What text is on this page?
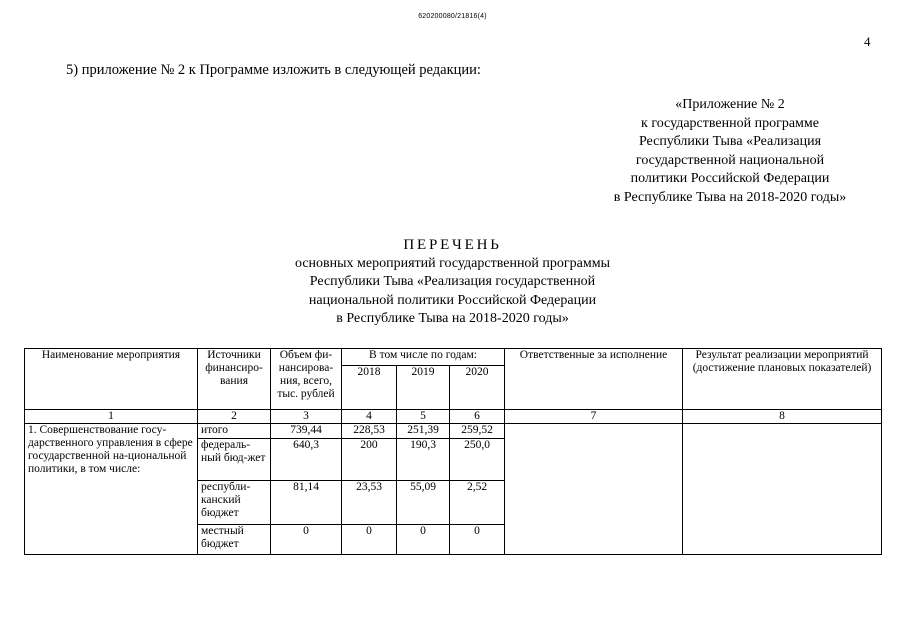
620200080/21816(4)
4
5) приложение № 2 к Программе изложить в следующей редакции:
«Приложение № 2
к государственной программе
Республики Тыва «Реализация
государственной национальной
политики Российской Федерации
в Республике Тыва на 2018-2020 годы»
ПЕРЕЧЕНЬ
основных мероприятий государственной программы
Республики Тыва «Реализация государственной
национальной политики Российской Федерации
в Республике Тыва на 2018-2020 годы»
Наименование мероприятия	Источники финансиро-вания	Объем фи-нансирова-ния, всего, тыс. рублей	В том числе по годам:			Ответственные за исполнение	Результат реализации мероприятий (достижение плановых показателей)
			2018	2019	2020		
1	2	3	4	5	6	7	8
1. Совершенствование госу-дарственного управления в сфере государственной на-циональной политики, в том числе:	итого	739,44	228,53	251,39	259,52		
	федераль-ный бюд-жет	640,3	200	190,3	250,0		
	республи-канский бюджет	81,14	23,53	55,09	2,52		
	местный бюджет	0	0	0	0		
